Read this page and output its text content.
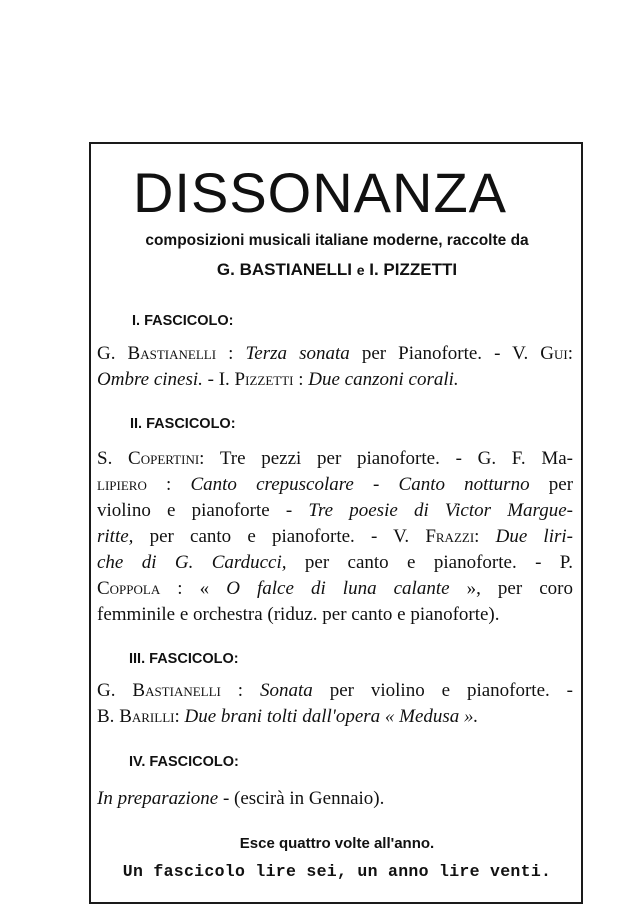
DISSONANZA
composizioni musicali italiane moderne, raccolte da
G. BASTIANELLI e I. PIZZETTI
I. FASCICOLO:
G. Bastianelli : Terza sonata per Pianoforte. - V. Gui:
Ombre cinesi. - I. Pizzetti : Due canzoni corali.
II. FASCICOLO:
S. Copertini: Tre pezzi per pianoforte. - G. F. Ma-
lipiero : Canto crepuscolare - Canto notturno per
violino e pianoforte - Tre poesie di Victor Margue-
ritte, per canto e pianoforte. - V. Frazzi: Due liri-
che di G. Carducci, per canto e pianoforte. - P.
Coppola : « O falce di luna calante », per coro
femminile e orchestra (riduz. per canto e pianoforte).
III. FASCICOLO:
G. Bastianelli : Sonata per violino e pianoforte. -
B. Barilli: Due brani tolti dall'opera « Medusa ».
IV. FASCICOLO:
In preparazione - (escirà in Gennaio).
Esce quattro volte all'anno.
Un fascicolo lire sei, un anno lire venti.
